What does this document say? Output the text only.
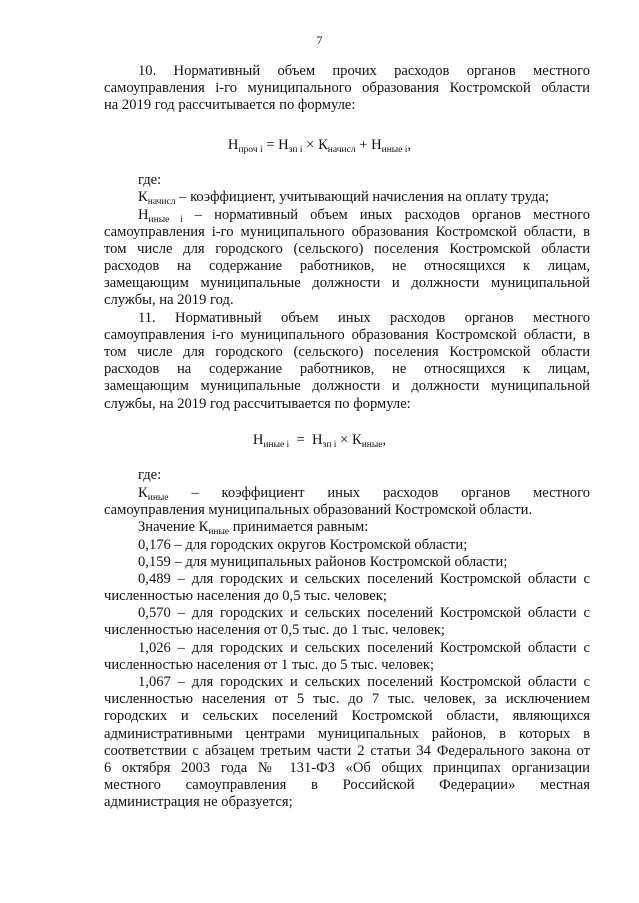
7
10. Нормативный объем прочих расходов органов местного
самоуправления i-го муниципального образования Костромской области
на 2019 год рассчитывается по формуле:
$Н_{проч i} = Н_{зп i} \times К_{начисл} + Н_{иные i}$,
где:
$К_{начисл}$ – коэффициент, учитывающий начисления на оплату труда;
$Н_{иные i}$ – нормативный объем иных расходов органов местного
самоуправления i-го муниципального образования Костромской области, в
том числе для городского (сельского) поселения Костромской области
расходов на содержание работников, не относящихся к лицам,
замещающим муниципальные должности и должности муниципальной
службы, на 2019 год.
11. Нормативный объем иных расходов органов местного
самоуправления i-го муниципального образования Костромской области, в
том числе для городского (сельского) поселения Костромской области
расходов на содержание работников, не относящихся к лицам,
замещающим муниципальные должности и должности муниципальной
службы, на 2019 год рассчитывается по формуле:
$Н_{иные i} = Н_{зп i} \times К_{иные}$,
где:
$К_{иные}$ – коэффициент иных расходов органов местного
самоуправления муниципальных образований Костромской области.
Значение $К_{иные}$ принимается равным:
0,176 – для городских округов Костромской области;
0,159 – для муниципальных районов Костромской области;
0,489 – для городских и сельских поселений Костромской области с
численностью населения до 0,5 тыс. человек;
0,570 – для городских и сельских поселений Костромской области с
численностью населения от 0,5 тыс. до 1 тыс. человек;
1,026 – для городских и сельских поселений Костромской области с
численностью населения от 1 тыс. до 5 тыс. человек;
1,067 – для городских и сельских поселений Костромской области с
численностью населения от 5 тыс. до 7 тыс. человек, за исключением
городских и сельских поселений Костромской области, являющихся
административными центрами муниципальных районов, в которых в
соответствии с абзацем третьим части 2 статьи 34 Федерального закона от
6 октября 2003 года № 131-ФЗ «Об общих принципах организации
местного самоуправления в Российской Федерации» местная
администрация не образуется;
